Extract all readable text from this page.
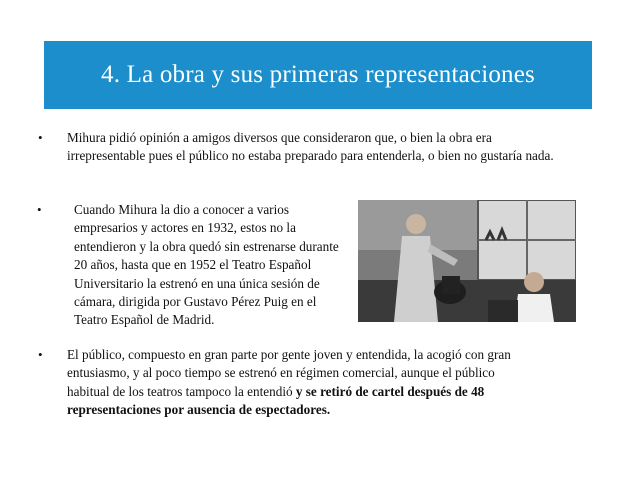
4. La obra y sus primeras representaciones
• Mihura pidió opinión a amigos diversos que consideraron que, o bien la obra era irrepresentable pues el público no estaba preparado para entenderla, o bien no gustaría nada.
• Cuando Mihura la dio a conocer a varios empresarios y actores en 1932, estos no la entendieron y la obra quedó sin estrenarse durante 20 años, hasta que en 1952 el Teatro Español Universitario la estrenó en una única sesión de cámara, dirigida por Gustavo Pérez Puig en el Teatro Español de Madrid.
• El público, compuesto en gran parte por gente joven y entendida, la acogió con gran entusiasmo, y al poco tiempo se estrenó en régimen comercial, aunque el público habitual de los teatros tampoco la entendió y se retiró de cartel después de 48 representaciones por ausencia de espectadores.
